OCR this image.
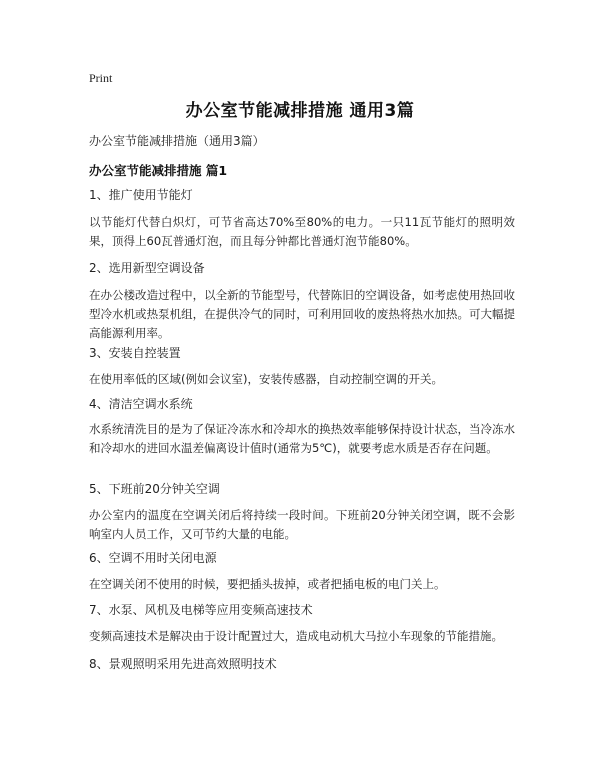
Print
办公室节能减排措施 通用3篇
办公室节能减排措施（通用3篇）
办公室节能减排措施 篇1

1、推广使用节能灯

以节能灯代替白炽灯，可节省高达70%至80%的电力。一只11瓦节能灯的照明效果，顶得上60瓦普通灯泡，而且每分钟都比普通灯泡节能80%。

2、选用新型空调设备

在办公楼改造过程中，以全新的节能型号，代替陈旧的空调设备，如考虑使用热回收型冷水机或热泵机组，在提供冷气的同时，可利用回收的废热将热水加热。可大幅提高能源利用率。

3、安装自控装置

在使用率低的区域(例如会议室)，安装传感器，自动控制空调的开关。

4、清洁空调水系统

水系统清洗目的是为了保证冷冻水和冷却水的换热效率能够保持设计状态，当冷冻水和冷却水的进回水温差偏离设计值时(通常为5℃)，就要考虑水质是否存在问题。

5、下班前20分钟关空调

办公室内的温度在空调关闭后将持续一段时间。下班前20分钟关闭空调，既不会影响室内人员工作，又可节约大量的电能。

6、空调不用时关闭电源

在空调关闭不使用的时候，要把插头拔掉，或者把插电板的电门关上。

7、水泵、风机及电梯等应用变频高速技术

变频高速技术是解决由于设计配置过大，造成电动机大马拉小车现象的节能措施。

8、景观照明采用先进高效照明技术
